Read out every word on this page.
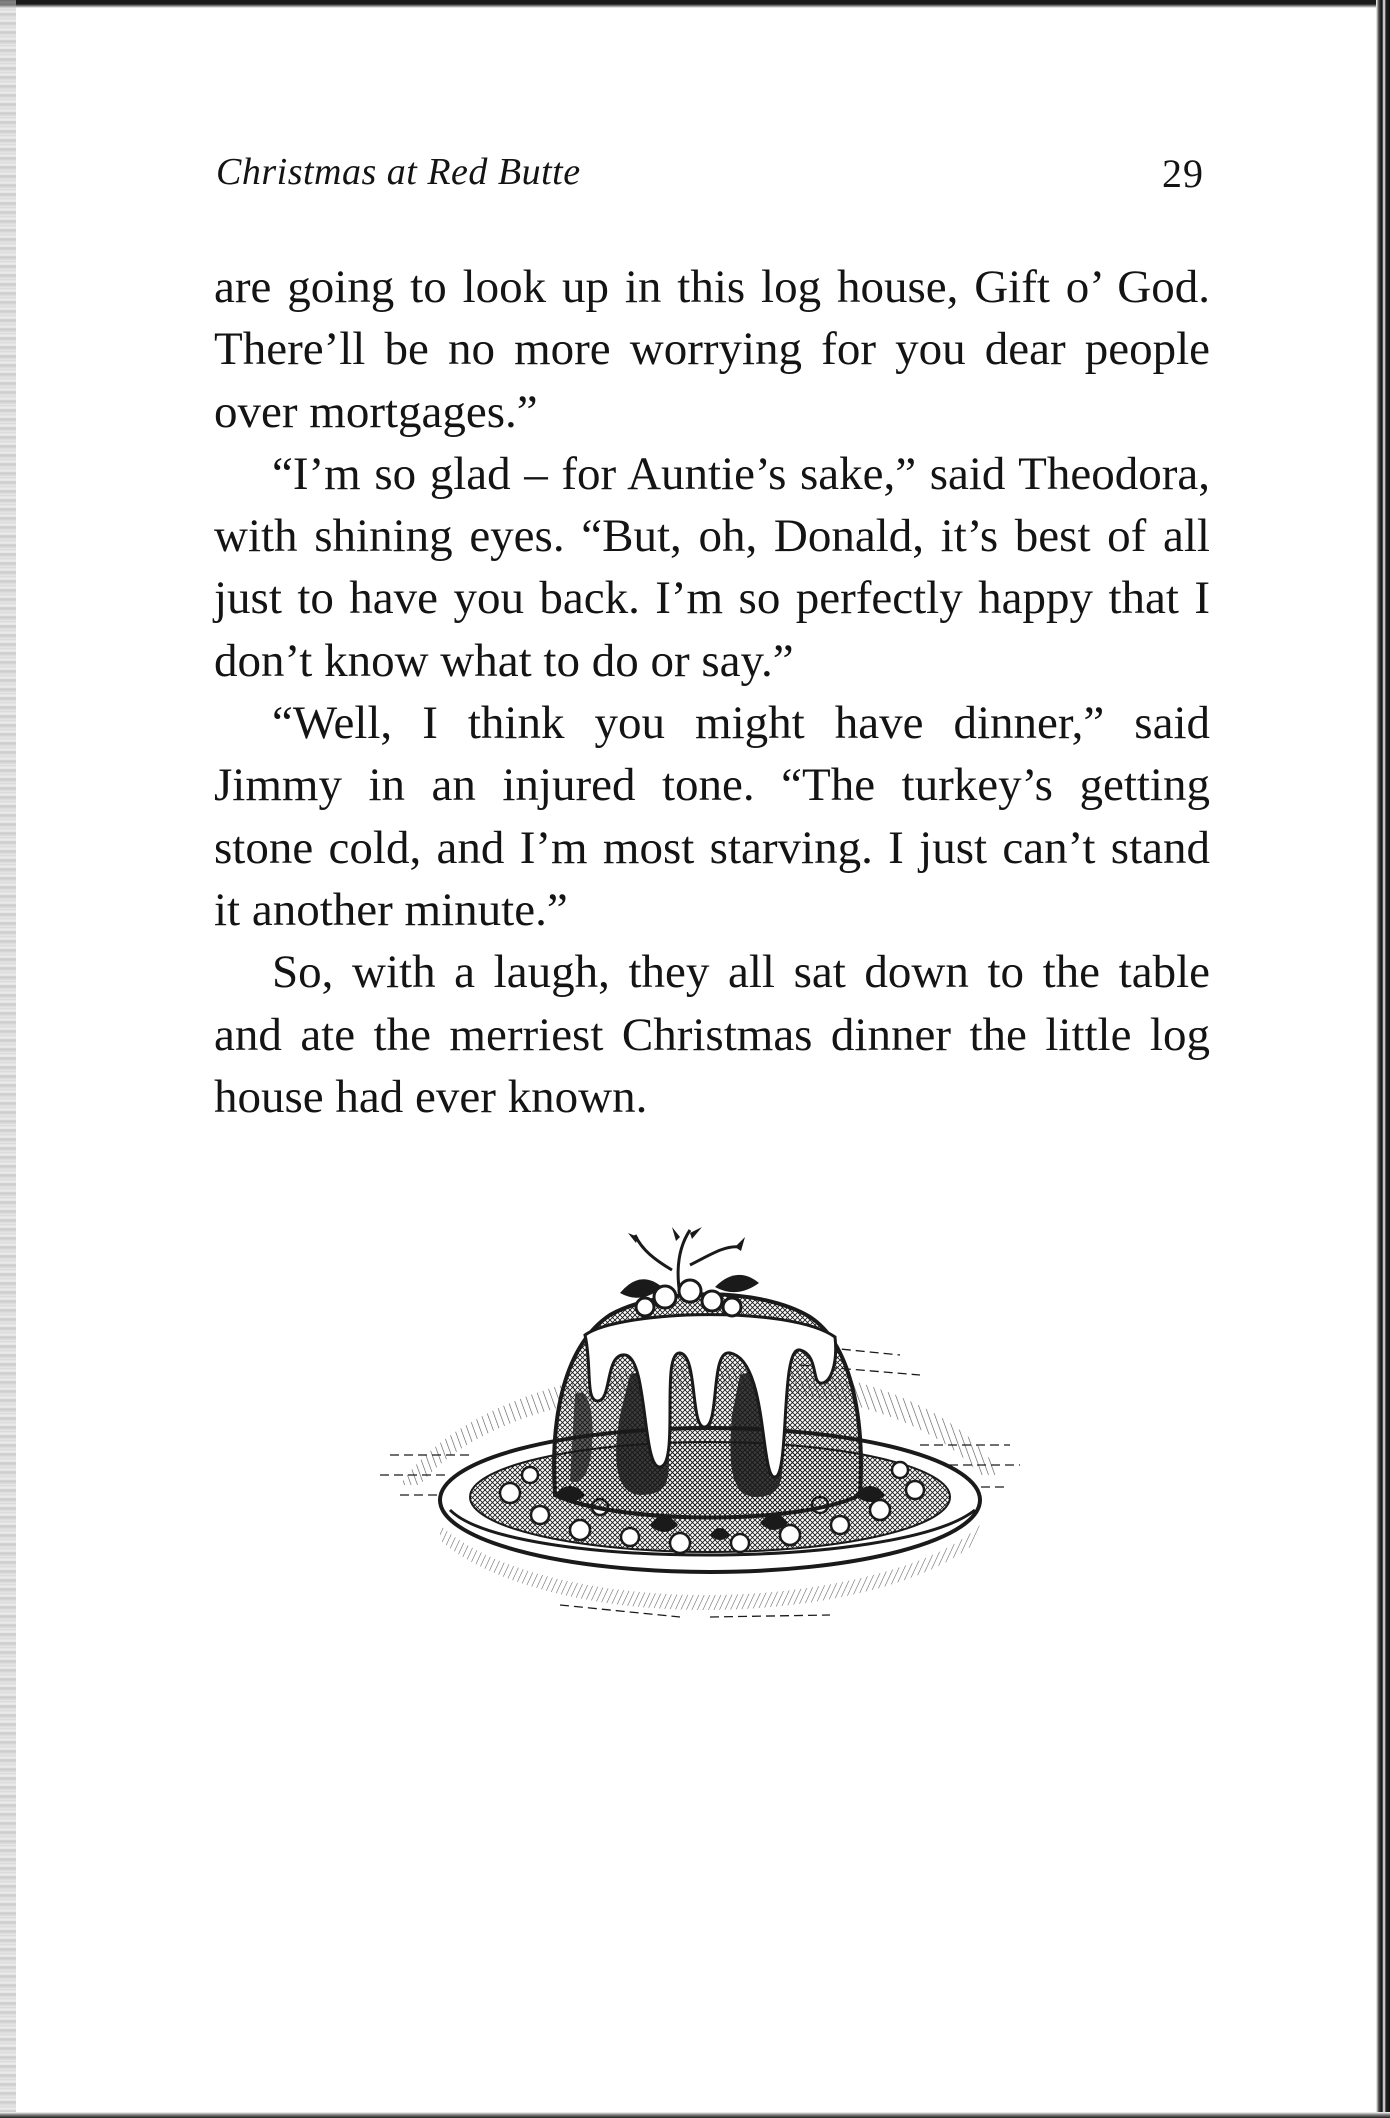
Christmas at Red Butte	29

are going to look up in this log house, Gift o’ God. There’ll be no more worrying for you dear people over mortgages.”

“I’m so glad – for Auntie’s sake,” said Theodora, with shining eyes. “But, oh, Donald, it’s best of all just to have you back. I’m so perfectly happy that I don’t know what to do or say.”

“Well, I think you might have dinner,” said Jimmy in an injured tone. “The turkey’s getting stone cold, and I’m most starving. I just can’t stand it another minute.”

So, with a laugh, they all sat down to the table and ate the merriest Christmas dinner the little log house had ever known.
